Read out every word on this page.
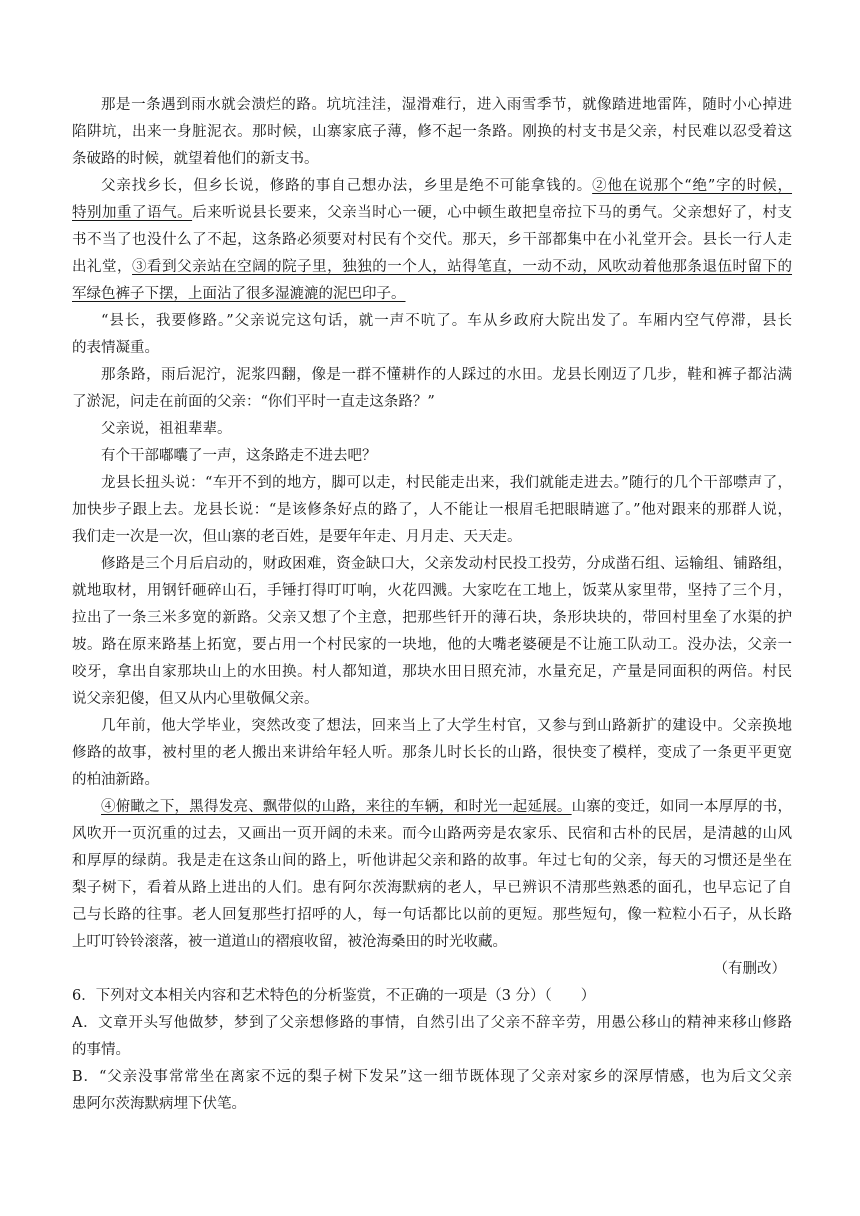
那是一条遇到雨水就会溃烂的路。坑坑洼洼，湿滑难行，进入雨雪季节，就像踏进地雷阵，随时小心掉进
陷阱坑，出来一身脏泥衣。那时候，山寨家底子薄，修不起一条路。刚换的村支书是父亲，村民难以忍受着这
条破路的时候，就望着他们的新支书。
父亲找乡长，但乡长说，修路的事自己想办法，乡里是绝不可能拿钱的。②他在说那个“绝”字的时候，
特别加重了语气。后来听说县长要来，父亲当时心一硬，心中顿生敢把皇帝拉下马的勇气。父亲想好了，村支
书不当了也没什么了不起，这条路必须要对村民有个交代。那天，乡干部都集中在小礼堂开会。县长一行人走
出礼堂，③看到父亲站在空阔的院子里，独独的一个人，站得笔直，一动不动，风吹动着他那条退伍时留下的
军绿色裤子下摆，上面沾了很多湿漉漉的泥巴印子。
“县长，我要修路。”父亲说完这句话，就一声不吭了。车从乡政府大院出发了。车厢内空气停滞，县长
的表情凝重。
那条路，雨后泥泞，泥浆四翻，像是一群不懂耕作的人踩过的水田。龙县长刚迈了几步，鞋和裤子都沾满
了淤泥，问走在前面的父亲：“你们平时一直走这条路？”
父亲说，祖祖辈辈。
有个干部嘟囔了一声，这条路走不进去吧？
龙县长扭头说：“车开不到的地方，脚可以走，村民能走出来，我们就能走进去。”随行的几个干部噤声了，
加快步子跟上去。龙县长说：“是该修条好点的路了，人不能让一根眉毛把眼睛遮了。”他对跟来的那群人说，
我们走一次是一次，但山寨的老百姓，是要年年走、月月走、天天走。
修路是三个月后启动的，财政困难，资金缺口大，父亲发动村民投工投劳，分成凿石组、运输组、铺路组，
就地取材，用钢钎砸碎山石，手锤打得叮叮响，火花四溅。大家吃在工地上，饭菜从家里带，坚持了三个月，
拉出了一条三米多宽的新路。父亲又想了个主意，把那些钎开的薄石块，条形块块的，带回村里垒了水渠的护
坡。路在原来路基上拓宽，要占用一个村民家的一块地，他的大嘴老婆硬是不让施工队动工。没办法，父亲一
咬牙，拿出自家那块山上的水田换。村人都知道，那块水田日照充沛，水量充足，产量是同面积的两倍。村民
说父亲犯傻，但又从内心里敬佩父亲。
几年前，他大学毕业，突然改变了想法，回来当上了大学生村官，又参与到山路新扩的建设中。父亲换地
修路的故事，被村里的老人搬出来讲给年轻人听。那条儿时长长的山路，很快变了模样，变成了一条更平更宽
的柏油新路。
④俯瞰之下，黑得发亮、飘带似的山路，来往的车辆，和时光一起延展。山寨的变迁，如同一本厚厚的书，
风吹开一页沉重的过去，又画出一页开阔的未来。而今山路两旁是农家乐、民宿和古朴的民居，是清越的山风
和厚厚的绿荫。我是走在这条山间的路上，听他讲起父亲和路的故事。年过七旬的父亲，每天的习惯还是坐在
梨子树下，看着从路上进出的人们。患有阿尔茨海默病的老人，早已辨识不清那些熟悉的面孔，也早忘记了自
己与长路的往事。老人回复那些打招呼的人，每一句话都比以前的更短。那些短句，像一粒粒小石子，从长路
上叮叮铃铃滚落，被一道道山的褶痕收留，被沧海桑田的时光收藏。
（有删改）
6．下列对文本相关内容和艺术特色的分析鉴赏，不正确的一项是（3 分）（　　）
A．文章开头写他做梦，梦到了父亲想修路的事情，自然引出了父亲不辞辛劳，用愚公移山的精神来移山修路
的事情。
B．“父亲没事常常坐在离家不远的梨子树下发呆”这一细节既体现了父亲对家乡的深厚情感，也为后文父亲
患阿尔茨海默病埋下伏笔。
